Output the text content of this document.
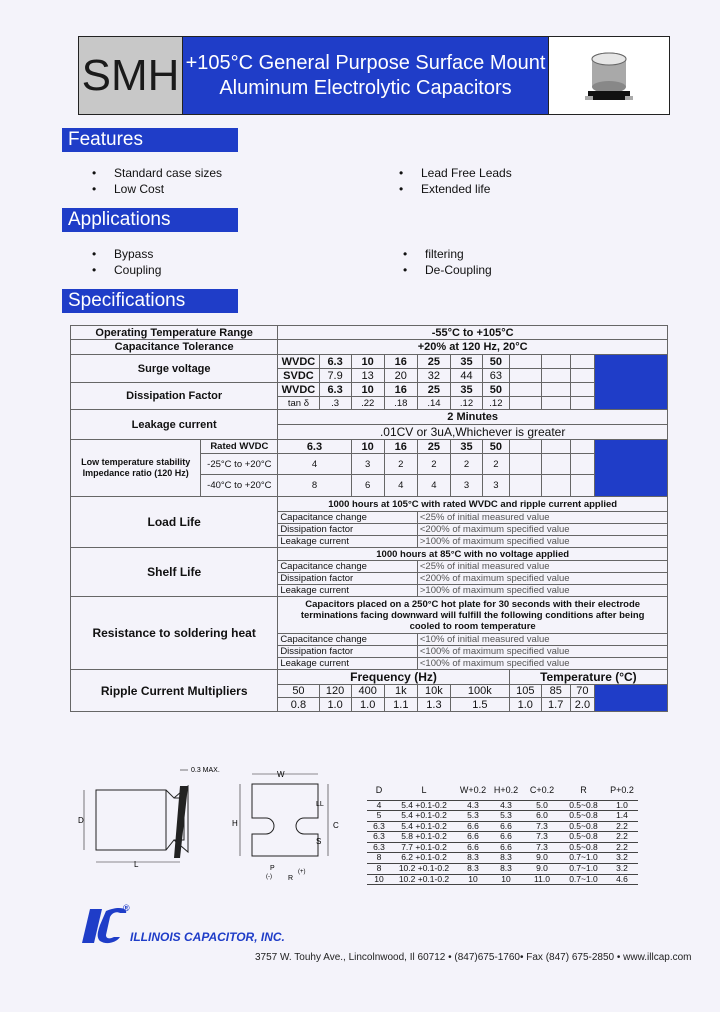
SMH +105°C General Purpose Surface Mount
Aluminum Electrolytic Capacitors
Features
• Standard case sizes
• Low Cost
• Lead Free Leads
• Extended life
Applications
• Bypass
• Coupling
• filtering
• De-Coupling
Specifications
Operating Temperature Range		-55°C to +105°C										
Capacitance Tolerance		+20% at 120 Hz, 20°C										
Surge voltage		WVDC	6.3	10	16	25	35	50				
		SVDC	7.9	13	20	32	44	63				
Dissipation Factor		WVDC	6.3	10	16	25	35	50				
		tan δ	.3	.22	.18	.14	.12	.12				
Leakage current		2 Minutes										
		.01CV or 3uA,Whichever is greater										
Low temperature stability Impedance ratio (120 Hz)	Rated WVDC	6.3		10	16	25	35	50				
	-25°C to +20°C	4		3	2	2	2	2				
	-40°C to +20°C	8		6	4	4	3	3				
Load Life		1000 hours at 105°C with rated WVDC and ripple current applied										
		Capacitance change				<25% of initial measured value						
		Dissipation factor				<200% of maximum specified value						
		Leakage current				>100% of maximum specified value						
Shelf Life		1000 hours at 85°C with no voltage applied										
		Capacitance change				<25% of initial measured value						
		Dissipation factor				<200% of maximum specified value						
		Leakage current				>100% of maximum specified value						
Resistance to soldering heat		Capacitors placed on a 250°C hot plate for 30 seconds with their electrode terminations facing downward will fulfill the following conditions after being cooled to room temperature										
		Capacitance change				<10% of initial measured value						
		Dissipation factor				<100% of maximum specified value						
		Leakage current				<100% of maximum specified value						
Ripple Current Multipliers		Frequency (Hz)							Temperature (°C)			
		50	120	400	1k	10k	100k		105	85	70	
		0.8	1.0	1.0	1.1	1.3	1.5		1.0	1.7	2.0	
D
L
0.3 MAX.	W
H
LL
C
S
P
R
(-)
(+)
D	L	W+0.2	H+0.2	C+0.2	R	P+0.2
4	5.4 +0.1-0.2	4.3	4.3	5.0	0.5~0.8	1.0
5	5.4 +0.1-0.2	5.3	5.3	6.0	0.5~0.8	1.4
6.3	5.4 +0.1-0.2	6.6	6.6	7.3	0.5~0.8	2.2
6.3	5.8 +0.1-0.2	6.6	6.6	7.3	0.5~0.8	2.2
6.3	7.7 +0.1-0.2	6.6	6.6	7.3	0.5~0.8	2.2
8	6.2 +0.1-0.2	8.3	8.3	9.0	0.7~1.0	3.2
8	10.2 +0.1-0.2	8.3	8.3	9.0	0.7~1.0	3.2
10	10.2 +0.1-0.2	10	10	11.0	0.7~1.0	4.6
®
ILLINOIS CAPACITOR, INC.
3757 W. Touhy Ave., Lincolnwood, Il 60712 • (847)675-1760• Fax (847) 675-2850 • www.illcap.com
